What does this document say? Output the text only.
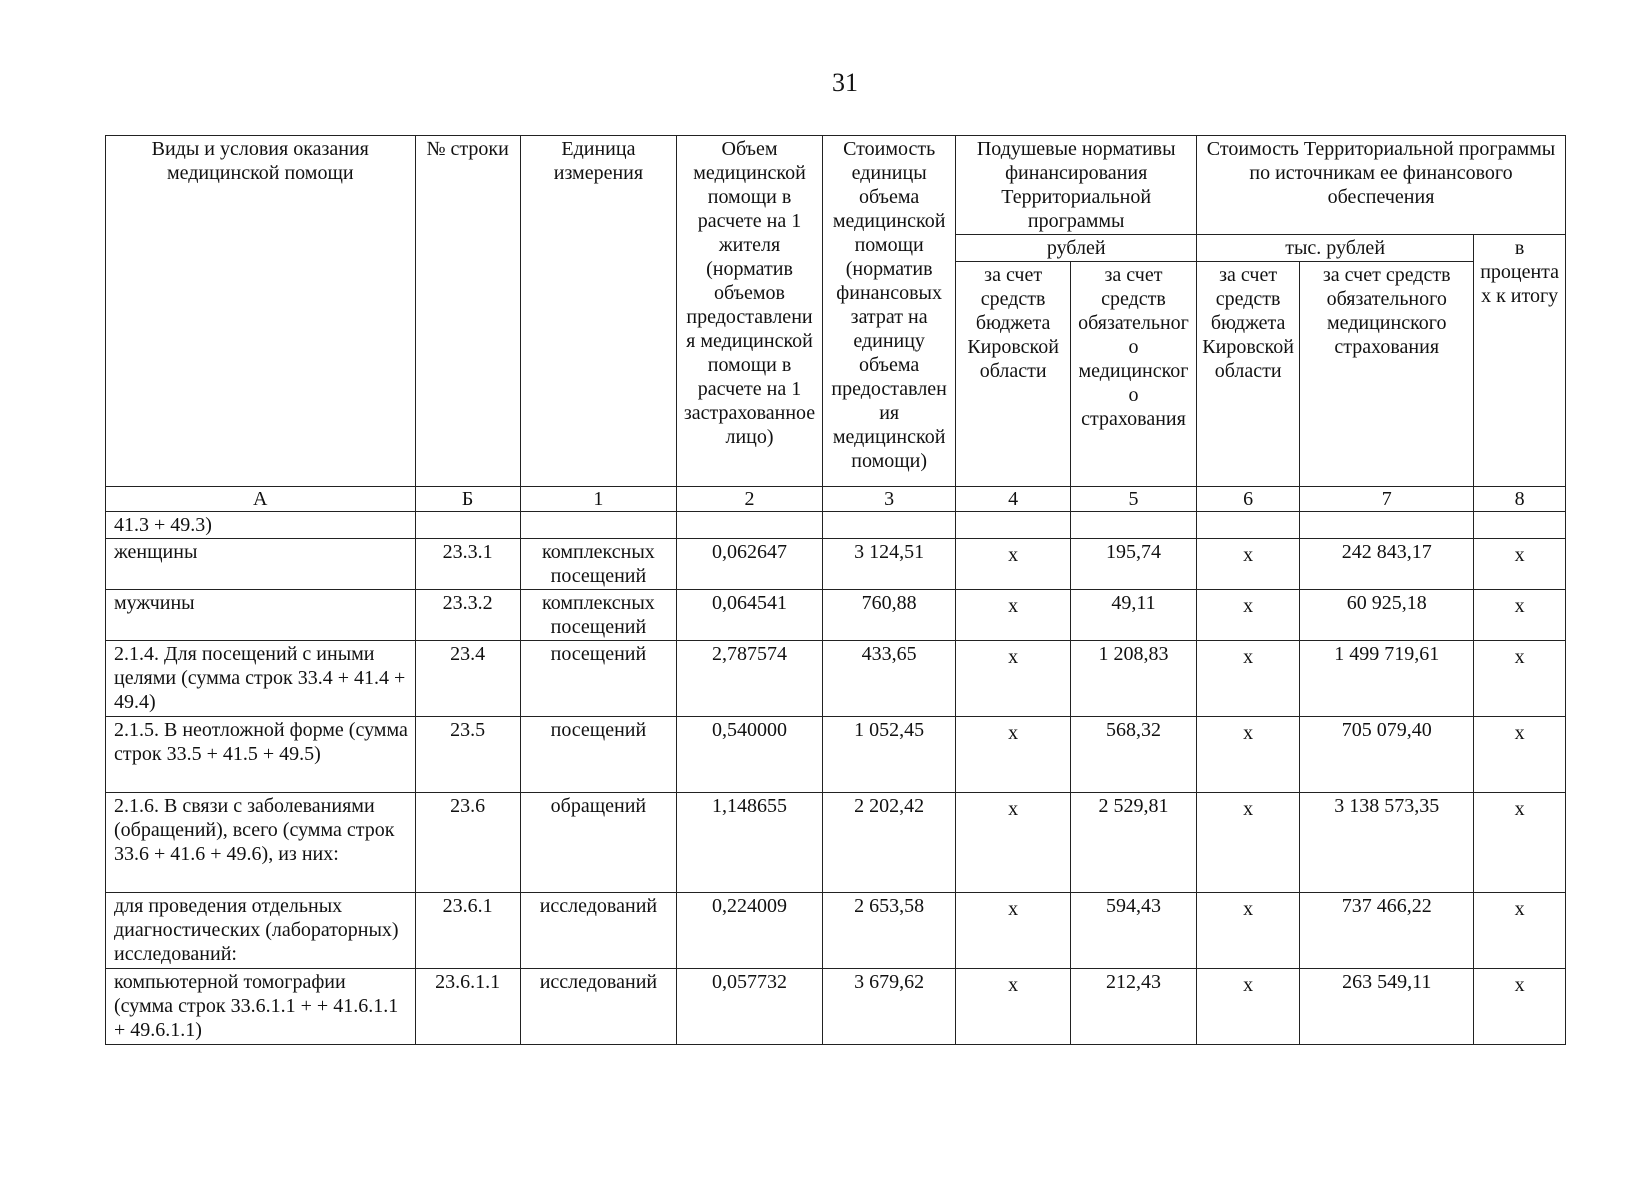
31
Виды и условия оказания медицинской помощи	№ строки	Единица измерения	Объем медицинской помощи в расчете на 1 жителя (норматив объемов предоставления медицинской помощи в расчете на 1 застрахованное лицо)	Стоимость единицы объема медицинской помощи (норматив финансовых затрат на единицу объема предоставления медицинской помощи)	Подушевые нормативы финансирования Территориальной программы		Стоимость Территориальной программы по источникам ее финансового обеспечения		
					рублей		тыс. рублей		в процентах к итогу
					за счет средств бюджета Кировской области	за счет средств обязательного медицинского страхования	за счет средств бюджета Кировской области	за счет средств обязательного медицинского страхования	
А	Б	1	2	3	4	5	6	7	8
41.3 + 49.3)									
женщины	23.3.1	комплексных посещений	0,062647	3 124,51	х	195,74	х	242 843,17	х
мужчины	23.3.2	комплексных посещений	0,064541	760,88	х	49,11	х	60 925,18	х
2.1.4. Для посещений с иными целями (сумма строк 33.4 + 41.4 + 49.4)	23.4	посещений	2,787574	433,65	х	1 208,83	х	1 499 719,61	х
2.1.5. В неотложной форме (сумма строк 33.5 + 41.5 + 49.5)	23.5	посещений	0,540000	1 052,45	х	568,32	х	705 079,40	х
2.1.6. В связи с заболеваниями (обращений), всего (сумма строк 33.6 + 41.6 + 49.6), из них:	23.6	обращений	1,148655	2 202,42	х	2 529,81	х	3 138 573,35	х
для проведения отдельных диагностических (лабораторных) исследований:	23.6.1	исследований	0,224009	2 653,58	х	594,43	х	737 466,22	х
компьютерной томографии (сумма строк 33.6.1.1 + + 41.6.1.1 + 49.6.1.1)	23.6.1.1	исследований	0,057732	3 679,62	х	212,43	х	263 549,11	х
